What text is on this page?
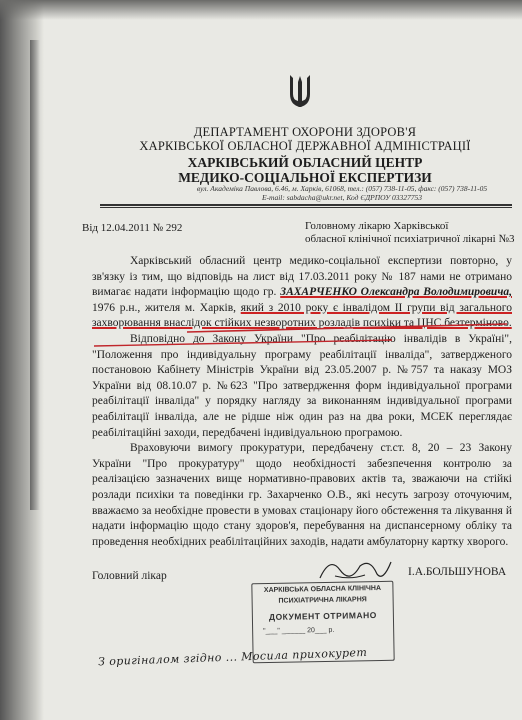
ДЕПАРТАМЕНТ ОХОРОНИ ЗДОРОВ'Я
ХАРКІВСЬКОЇ ОБЛАСНОЇ ДЕРЖАВНОЇ АДМІНІСТРАЦІЇ
ХАРКІВСЬКИЙ ОБЛАСНИЙ ЦЕНТР
МЕДИКО-СОЦІАЛЬНОЇ ЕКСПЕРТИЗИ
вул. Академіка Павлова, 6.46, м. Харків, 61068, тел.: (057) 738-11-05, факс: (057) 738-11-05
E-mail: sabdacha@ukr.net, Код ЄДРПОУ 03327753
Від 12.04.2011 № 292	Головному лікарю Харківської
обласної клінічної психіатричної лікарні №3

Харківський обласний центр медико-соціальної експертизи повторно, у зв'язку із тим, що відповідь на лист від 17.03.2011 року № 187 нами не отримано вимагає надати інформацію щодо гр. ЗАХАРЧЕНКО Олександра Володимировича, 1976 р.н., жителя м. Харків, який з 2010 року є інвалідом II групи від загального захворювання внаслідок стійких незворотних розладів психіки та ЦНС безтерміново.

Відповідно до Закону України "Про реабілітацію інвалідів в Україні", "Положення про індивідуальну програму реабілітації інваліда", затвердженого постановою Кабінету Міністрів України від 23.05.2007 р. №757 та наказу МОЗ України від 08.10.07 р. №623 "Про затвердження форм індивідуальної програми реабілітації інваліда" у порядку нагляду за виконанням індивідуальної програми реабілітації інваліда, але не рідше ніж один раз на два роки, МСЕК переглядає реабілітаційні заходи, передбачені індивідуальною програмою.

Враховуючи вимогу прокуратури, передбачену ст.ст. 8, 20 – 23 Закону України "Про прокуратуру" щодо необхідності забезпечення контролю за реалізацією зазначених вище нормативно-правових актів та, зважаючи на стійкі розлади психіки та поведінки гр. Захарченко О.В., які несуть загрозу оточуючим, вважаємо за необхідне провести в умовах стаціонару його обстеження та лікування й надати інформацію щодо стану здоров'я, перебування на диспансерному обліку та проведення необхідних реабілітаційних заходів, надати амбулаторну картку хворого.

Головний лікар	І.А.БОЛЬШУНОВА
ХАРКІВСЬКА ОБЛАСНА КЛІНІЧНА
ПСИХІАТРИЧНА ЛІКАРНЯ
ДОКУМЕНТ ОТРИМАНО
"___" ______ 20___ р.
З оригіналом згідно ... Мосила прихокурет
